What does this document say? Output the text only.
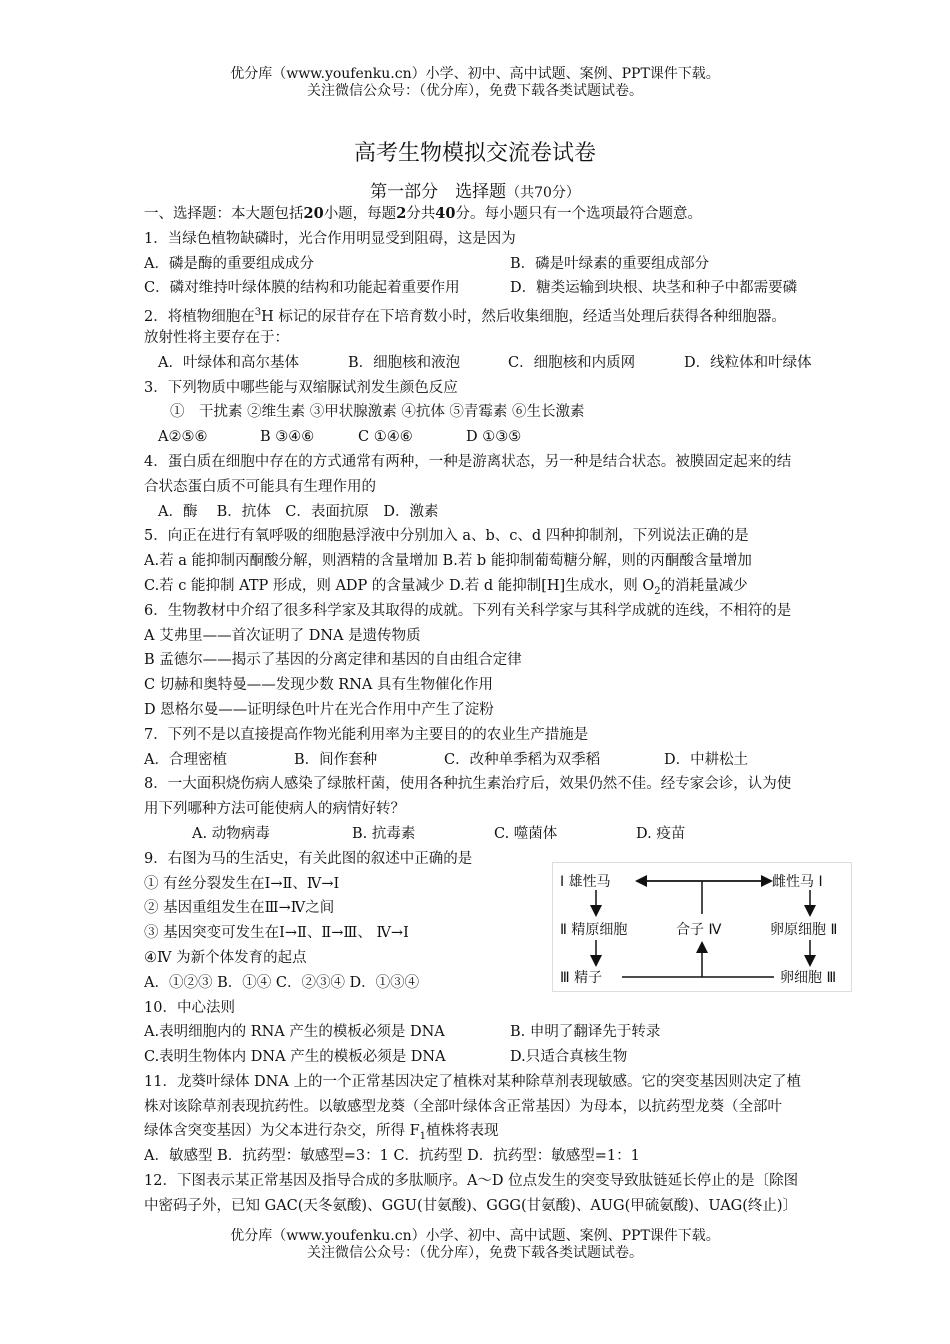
优分库（www.youfenku.cn）小学、初中、高中试题、案例、PPT课件下载。
关注微信公众号：（优分库），免费下载各类试题试卷。
高考生物模拟交流卷试卷
第一部分　选择题（共70分）
一、选择题：本大题包括20小题，每题2分共40分。每小题只有一个选项最符合题意。
1．当绿色植物缺磷时，光合作用明显受到阻碍，这是因为
A．磷是酶的重要组成成分	B．磷是叶绿素的重要组成部分
C．磷对维持叶绿体膜的结构和功能起着重要作用	D．糖类运输到块根、块茎和种子中都需要磷
2．将植物细胞在$^3$H 标记的尿苷存在下培育数小时，然后收集细胞，经适当处理后获得各种细胞器。
放射性将主要存在于：
A．叶绿体和高尔基体	B．细胞核和液泡	C．细胞核和内质网	D．线粒体和叶绿体
3．下列物质中哪些能与双缩脲试剂发生颜色反应
①　干扰素 ②维生素 ③甲状腺激素 ④抗体 ⑤青霉素 ⑥生长激素
A②⑤⑥	B ③④⑥	C ①④⑥	D ①③⑤
4．蛋白质在细胞中存在的方式通常有两种，一种是游离状态，另一种是结合状态。被膜固定起来的结
合状态蛋白质不可能具有生理作用的
A．酶　 B．抗体　C．表面抗原　D．激素
5．向正在进行有氧呼吸的细胞悬浮液中分别加入 a、b、c、d 四种抑制剂，下列说法正确的是
A.若 a 能抑制丙酮酸分解，则酒精的含量增加 B.若 b 能抑制葡萄糖分解，则的丙酮酸含量增加
C.若 c 能抑制 ATP 形成，则 ADP 的含量减少 D.若 d 能抑制[H]生成水，则 $O_2$的消耗量减少
6．生物教材中介绍了很多科学家及其取得的成就。下列有关科学家与其科学成就的连线，不相符的是
A 艾弗里——首次证明了 DNA 是遗传物质
B 孟德尔——揭示了基因的分离定律和基因的自由组合定律
C 切赫和奥特曼——发现少数 RNA 具有生物催化作用
D 恩格尔曼——证明绿色叶片在光合作用中产生了淀粉
7．下列不是以直接提高作物光能利用率为主要目的的农业生产措施是
A．合理密植	B．间作套种	C．改种单季稻为双季稻	D．中耕松土
8．一大面积烧伤病人感染了绿脓杆菌，使用各种抗生素治疗后，效果仍然不佳。经专家会诊，认为使
用下列哪种方法可能使病人的病情好转？
A. 动物病毒	B. 抗毒素	C. 噬菌体	D. 疫苗
9．右图为马的生活史，有关此图的叙述中正确的是
① 有丝分裂发生在Ⅰ→Ⅱ、Ⅳ→Ⅰ
② 基因重组发生在Ⅲ→Ⅳ之间
③ 基因突变可发生在Ⅰ→Ⅱ、Ⅱ→Ⅲ、 Ⅳ→Ⅰ
④Ⅳ 为新个体发育的起点
A．①②③ B．①④ C．②③④ D．①③④
10．中心法则
A.表明细胞内的 RNA 产生的模板必须是 DNA	B. 申明了翻译先于转录
C.表明生物体内 DNA 产生的模板必须是 DNA	D.只适合真核生物
11．龙葵叶绿体 DNA 上的一个正常基因决定了植株对某种除草剂表现敏感。它的突变基因则决定了植
株对该除草剂表现抗药性。以敏感型龙葵（全部叶绿体含正常基因）为母本，以抗药型龙葵（全部叶
绿体含突变基因）为父本进行杂交，所得 $F_1$植株将表现
A．敏感型 B．抗药型：敏感型=3：1 C．抗药型 D．抗药型：敏感型=1：1
12．下图表示某正常基因及指导合成的多肽顺序。A～D 位点发生的突变导致肽链延长停止的是〔除图
中密码子外，已知 GAC(天冬氨酸)、GGU(甘氨酸)、GGG(甘氨酸)、AUG(甲硫氨酸)、UAG(终止)〕
Ⅰ 雄性马	雌性马 Ⅰ
Ⅱ 精原细胞	合子 Ⅳ	卵原细胞 Ⅱ
Ⅲ 精子	卵细胞 Ⅲ
优分库（www.youfenku.cn）小学、初中、高中试题、案例、PPT课件下载。
关注微信公众号：（优分库），免费下载各类试题试卷。
